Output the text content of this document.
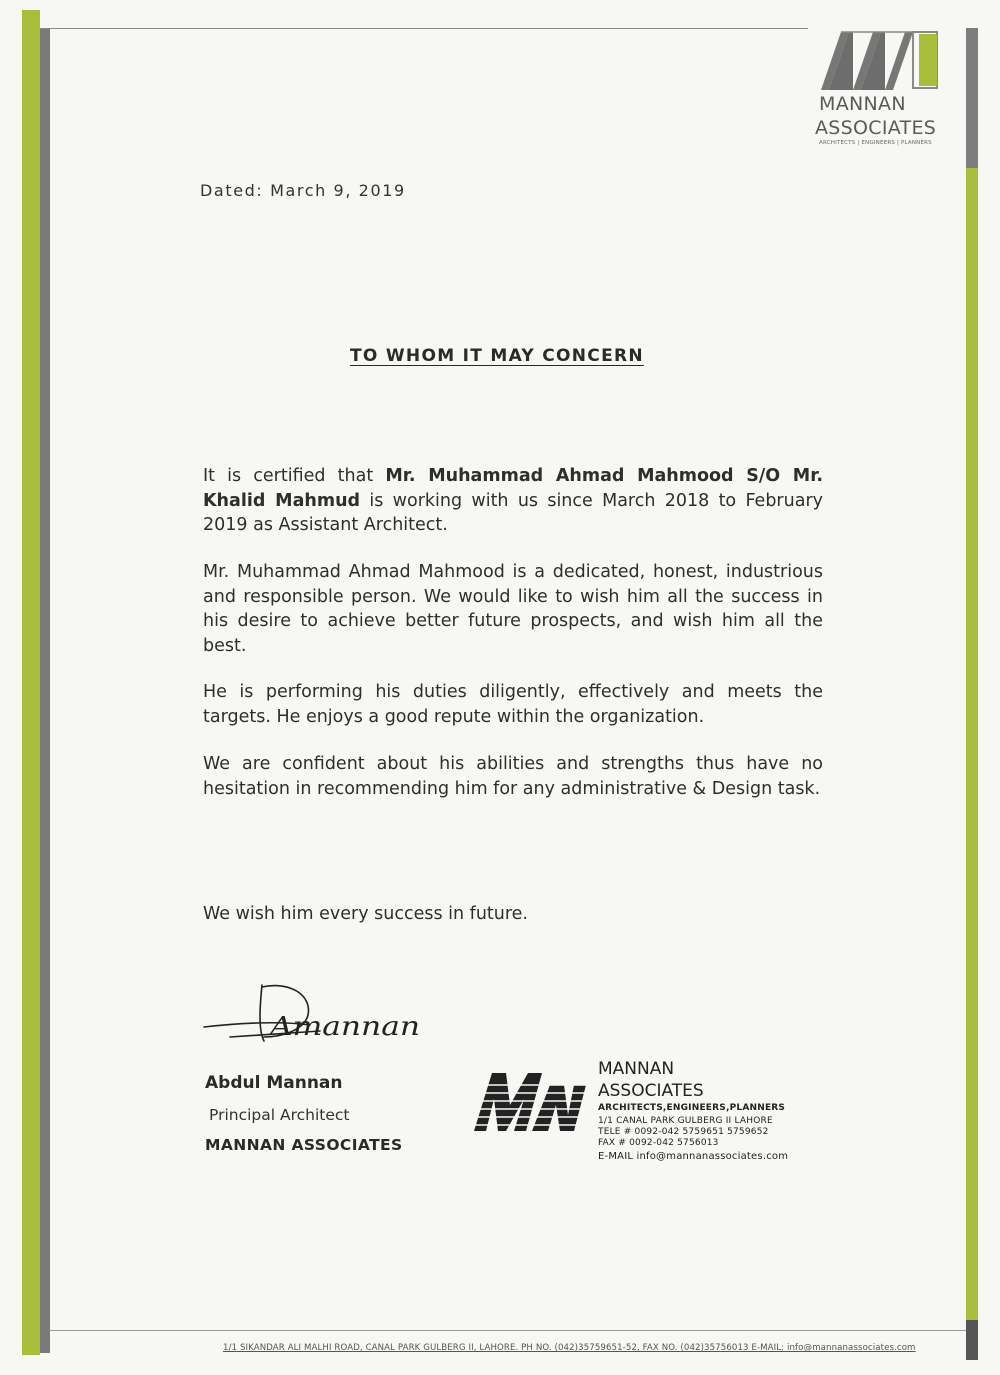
MANNAN
ASSOCIATES
ARCHITECTS | ENGINEERS | PLANNERS
Dated: March 9, 2019
TO WHOM IT MAY CONCERN
It is certified that Mr. Muhammad Ahmad Mahmood S/O Mr. Khalid Mahmud is working with us since March 2018 to February 2019 as Assistant Architect.
Mr. Muhammad Ahmad Mahmood is a dedicated, honest, industrious and responsible person. We would like to wish him all the success in his desire to achieve better future prospects, and wish him all the best.
He is performing his duties diligently, effectively and meets the targets. He enjoys a good repute within the organization.
We are confident about his abilities and strengths thus have no hesitation in recommending him for any administrative & Design task.
We wish him every success in future.
Amannan
Abdul Mannan
Principal Architect
MANNAN ASSOCIATES
MANNAN
ASSOCIATES
ARCHITECTS,ENGINEERS,PLANNERS
1/1 CANAL PARK GULBERG II LAHORE
TELE # 0092-042 5759651 5759652
FAX # 0092-042 5756013
E-MAIL info@mannanassociates.com
1/1 SIKANDAR ALI MALHI ROAD, CANAL PARK GULBERG II, LAHORE. PH NO. (042)35759651-52, FAX NO. (042)35756013 E-MAIL: info@mannanassociates.com
